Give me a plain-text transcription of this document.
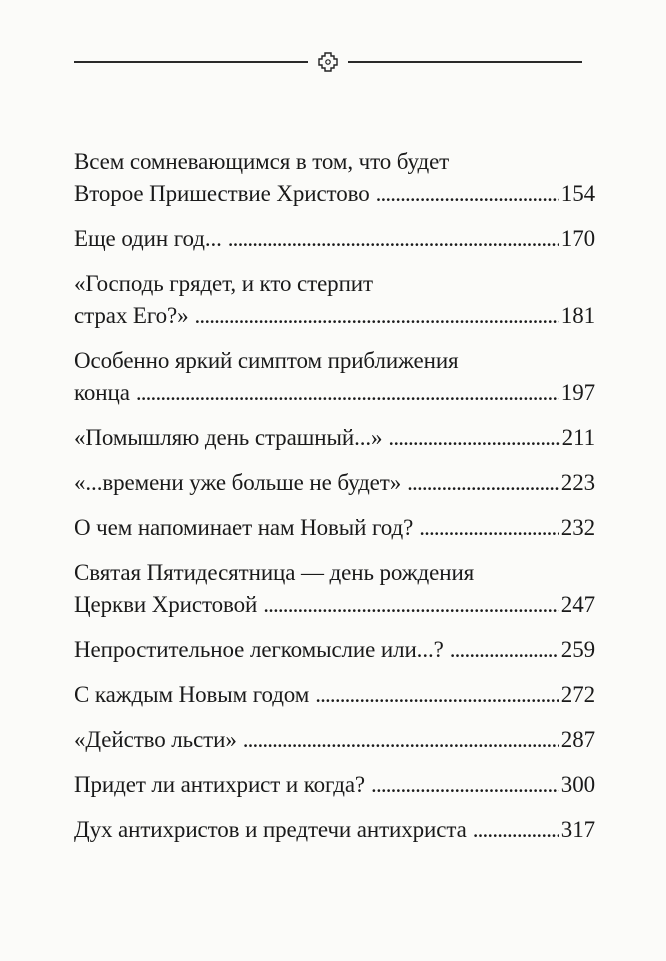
Всем сомневающимся в том, что будет
Второе Пришествие Христово . . .	154
Еще один год... . . .	170
«Господь грядет, и кто стерпит
страх Его?» . . .	181
Особенно яркий симптом приближения
конца . . .	197
«Помышляю день страшный...» . . .	211
«...времени уже больше не будет» . . .	223
О чем напоминает нам Новый год? . . .	232
Святая Пятидесятница — день рождения
Церкви Христовой . . .	247
Непростительное легкомыслие или...? . . .	259
С каждым Новым годом . . .	272
«Действо льсти» . . .	287
Придет ли антихрист и когда? . . .	300
Дух антихристов и предтечи антихриста . . .	317
